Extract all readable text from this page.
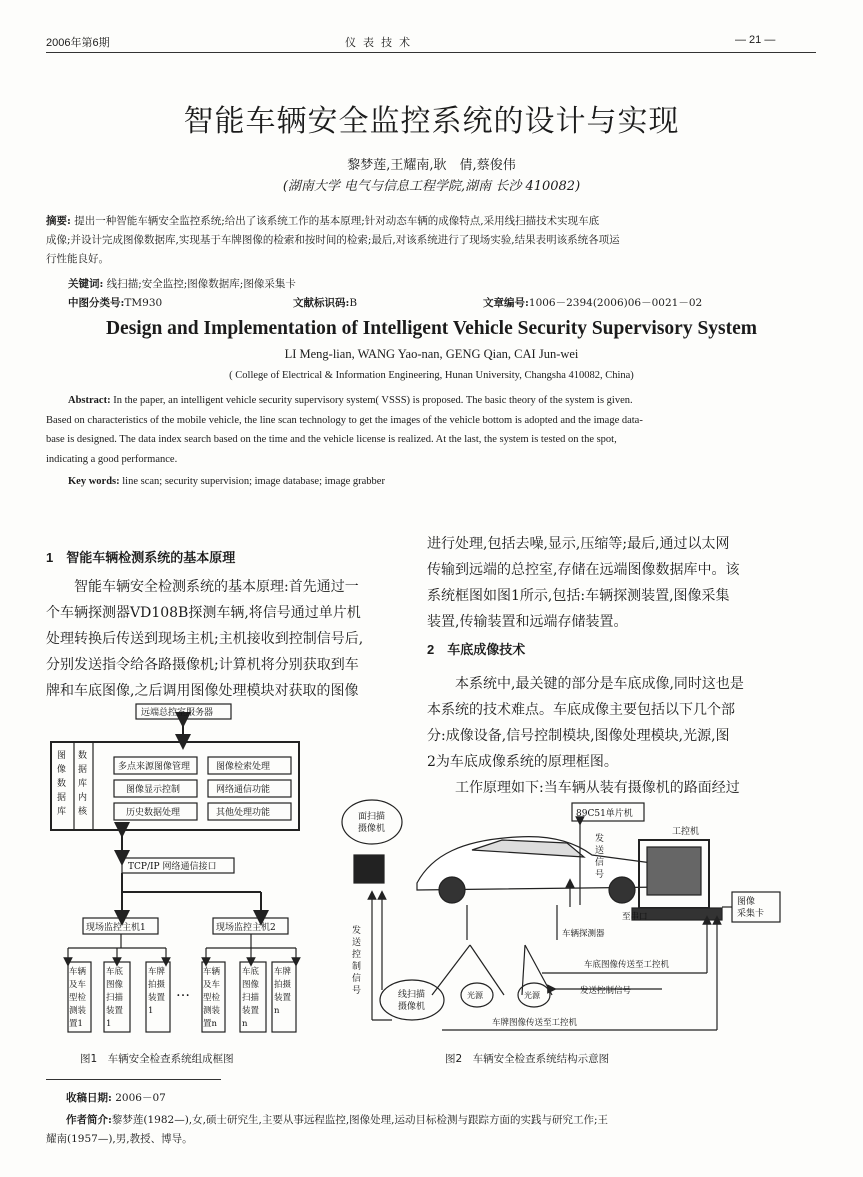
2006年第6期	仪 表 技 术	— 21 —
智能车辆安全监控系统的设计与实现
黎梦莲,王耀南,耿　倩,蔡俊伟
(湖南大学 电气与信息工程学院,湖南 长沙 410082)
摘要: 提出一种智能车辆安全监控系统;给出了该系统工作的基本原理;针对动态车辆的成像特点,采用线扫描技术实现车底
成像;并设计完成图像数据库,实现基于车牌图像的检索和按时间的检索;最后,对该系统进行了现场实验,结果表明该系统各项运
行性能良好。
关键词: 线扫描;安全监控;图像数据库;图像采集卡
中图分类号:TM930	文献标识码:B	文章编号:1006－2394(2006)06－0021－02
Design and Implementation of Intelligent Vehicle Security Supervisory System
LI Meng-lian, WANG Yao-nan, GENG Qian, CAI Jun-wei
( College of Electrical & Information Engineering, Hunan University, Changsha 410082, China)
Abstract: In the paper, an intelligent vehicle security supervisory system( VSSS) is proposed. The basic theory of the system is given.
Based on characteristics of the mobile vehicle, the line scan technology to get the images of the vehicle bottom is adopted and the image data-
base is designed. The data index search based on the time and the vehicle license is realized. At the last, the system is tested on the spot,
indicating a good performance.
Key words: line scan; security supervision; image database; image grabber
1　智能车辆检测系统的基本原理
智能车辆安全检测系统的基本原理:首先通过一
个车辆探测器VD108B探测车辆,将信号通过单片机
处理转换后传送到现场主机;主机接收到控制信号后,
分别发送指令给各路摄像机;计算机将分别获取到车
牌和车底图像,之后调用图像处理模块对获取的图像
进行处理,包括去噪,显示,压缩等;最后,通过以太网
传输到远端的总控室,存储在远端图像数据库中。该
系统框图如图1所示,包括:车辆探测装置,图像采集
装置,传输装置和远端存储装置。
2　车底成像技术
本系统中,最关键的部分是车底成像,同时这也是
本系统的技术难点。车底成像主要包括以下几个部
分:成像设备,信号控制模块,图像处理模块,光源,图
2为车底成像系统的原理框图。
工作原理如下:当车辆从装有摄像机的路面经过
远端总控室服务器
图
像
数
据
库
数
据
库
内
核
多点来源图像管理	图像检索处理
图像显示控制	网络通信功能
历史数据处理	其他处理功能
TCP/IP 网络通信接口
现场监控主机1	现场监控主机2
车辆
及车
型检
测装
置1
车底
图像
扫描
装置
1
车牌
拍摄
装置
1
…
车辆
及车
型检
测装
置n
车底
图像
扫描
装置
n
车牌
拍摄
装置
n
图1　车辆安全检查系统组成框图
面扫描
摄像机
89C51单片机
发
送
信
号
工控机
图像
采集卡
至串口
车辆探测器
车底图像传送至工控机
发
送
控
制
信
号	发送控制信号
线扫描
摄像机
光源	光源
车牌图像传送至工控机
图2　车辆安全检查系统结构示意图
收稿日期: 2006－07
作者简介:黎梦莲(1982—),女,硕士研究生,主要从事远程监控,图像处理,运动目标检测与跟踪方面的实践与研究工作;王
耀南(1957—),男,教授、博导。
